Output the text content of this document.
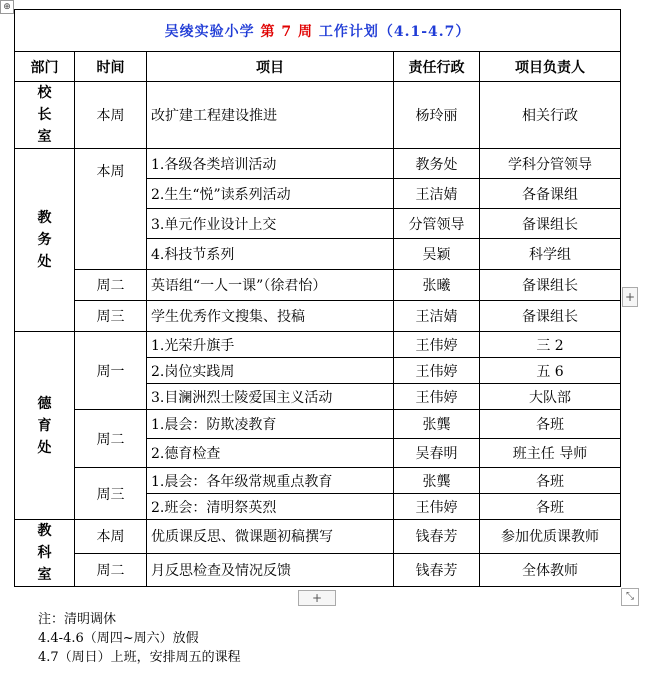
⊕
吴绫实验小学 第 7 周 工作计划（4.1-4.7）				
部门	时间	项目	责任行政	项目负责人

校长室	本周	改扩建工程建设推进	杨玲丽	相关行政

教务处	本周	1.各级各类培训活动	教务处	学科分管领导
		2.生生“悦”读系列活动	王洁婧	各备课组
		3.单元作业设计上交	分管领导	备课组长
		4.科技节系列	吴颖	科学组
	周二	英语组“一人一课”（徐君怡）	张曦	备课组长
	周三	学生优秀作文搜集、投稿	王洁婧	备课组长

德育处	周一	1.光荣升旗手	王伟婷	三 2
		2.岗位实践周	王伟婷	五 6
		3.目澜洲烈士陵爱国主义活动	王伟婷	大队部
	周二	1.晨会：防欺凌教育	张龔	各班
		2.德育检查	吴春明	班主任 导师
	周三	1.晨会：各年级常规重点教育	张龔	各班
		2.班会：清明祭英烈	王伟婷	各班

教科室	本周	优质课反思、微课题初稿撰写	钱春芳	参加优质课教师
	周二	月反思检查及情况反馈	钱春芳	全体教师
+
+	⤡
注：清明调休
4.4-4.6（周四~周六）放假
4.7（周日）上班，安排周五的课程
